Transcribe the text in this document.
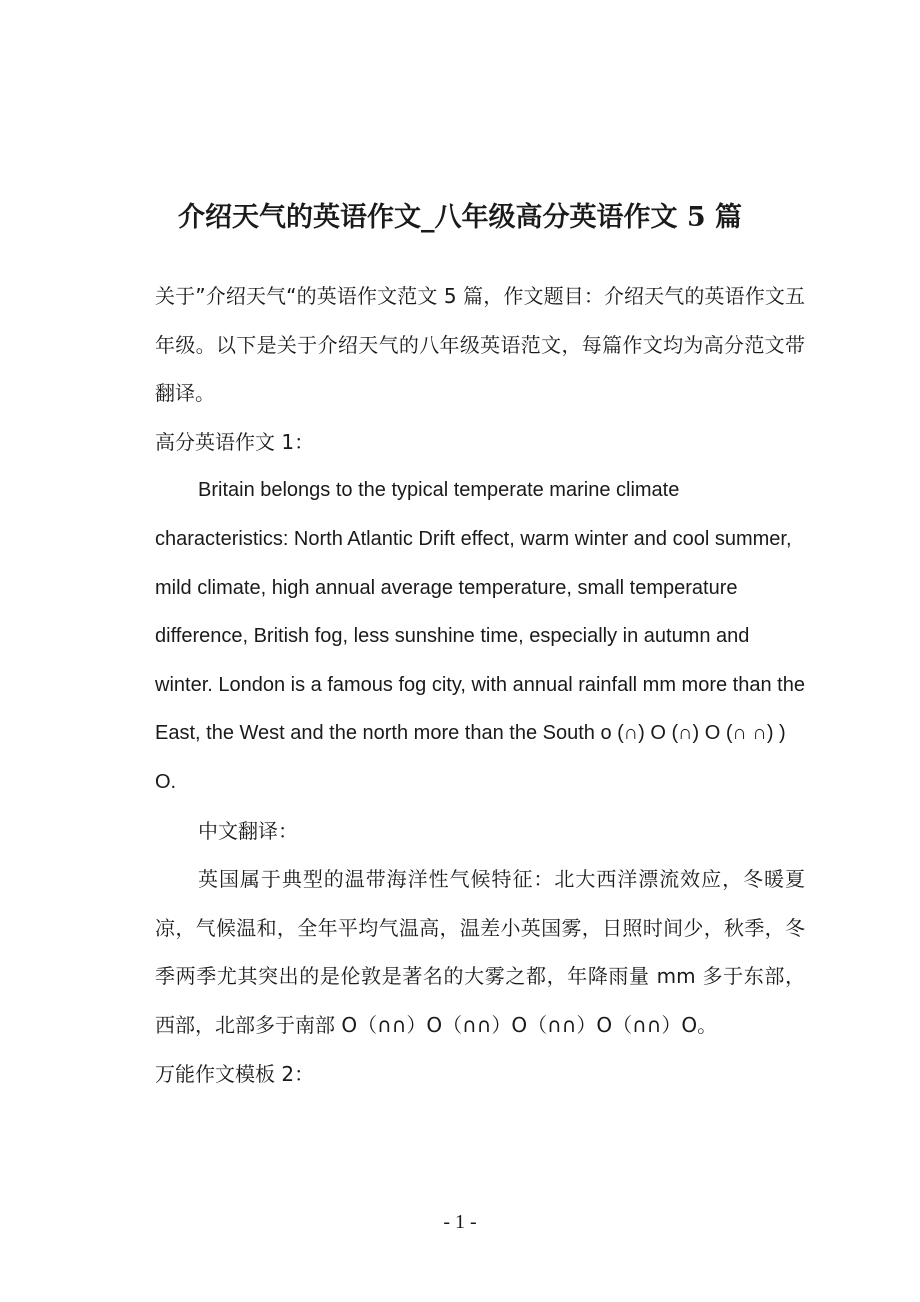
介绍天气的英语作文_八年级高分英语作文 5 篇

关于”介绍天气“的英语作文范文 5 篇，作文题目：介绍天气的英语作文五年级。以下是关于介绍天气的八年级英语范文，每篇作文均为高分范文带翻译。

高分英语作文 1：

Britain belongs to the typical temperate marine climate characteristics: North Atlantic Drift effect, warm winter and cool summer, mild climate, high annual average temperature, small temperature difference, British fog, less sunshine time, especially in autumn and winter. London is a famous fog city, with annual rainfall mm more than the East, the West and the north more than the South o (∩) O (∩) O (∩ ∩) ) O.

中文翻译：

英国属于典型的温带海洋性气候特征：北大西洋漂流效应，冬暖夏凉，气候温和，全年平均气温高，温差小英国雾，日照时间少，秋季，冬季两季尤其突出的是伦敦是著名的大雾之都，年降雨量 mm 多于东部，西部，北部多于南部 O（∩∩）O（∩∩）O（∩∩）O（∩∩）O。

万能作文模板 2：

- 1 -
